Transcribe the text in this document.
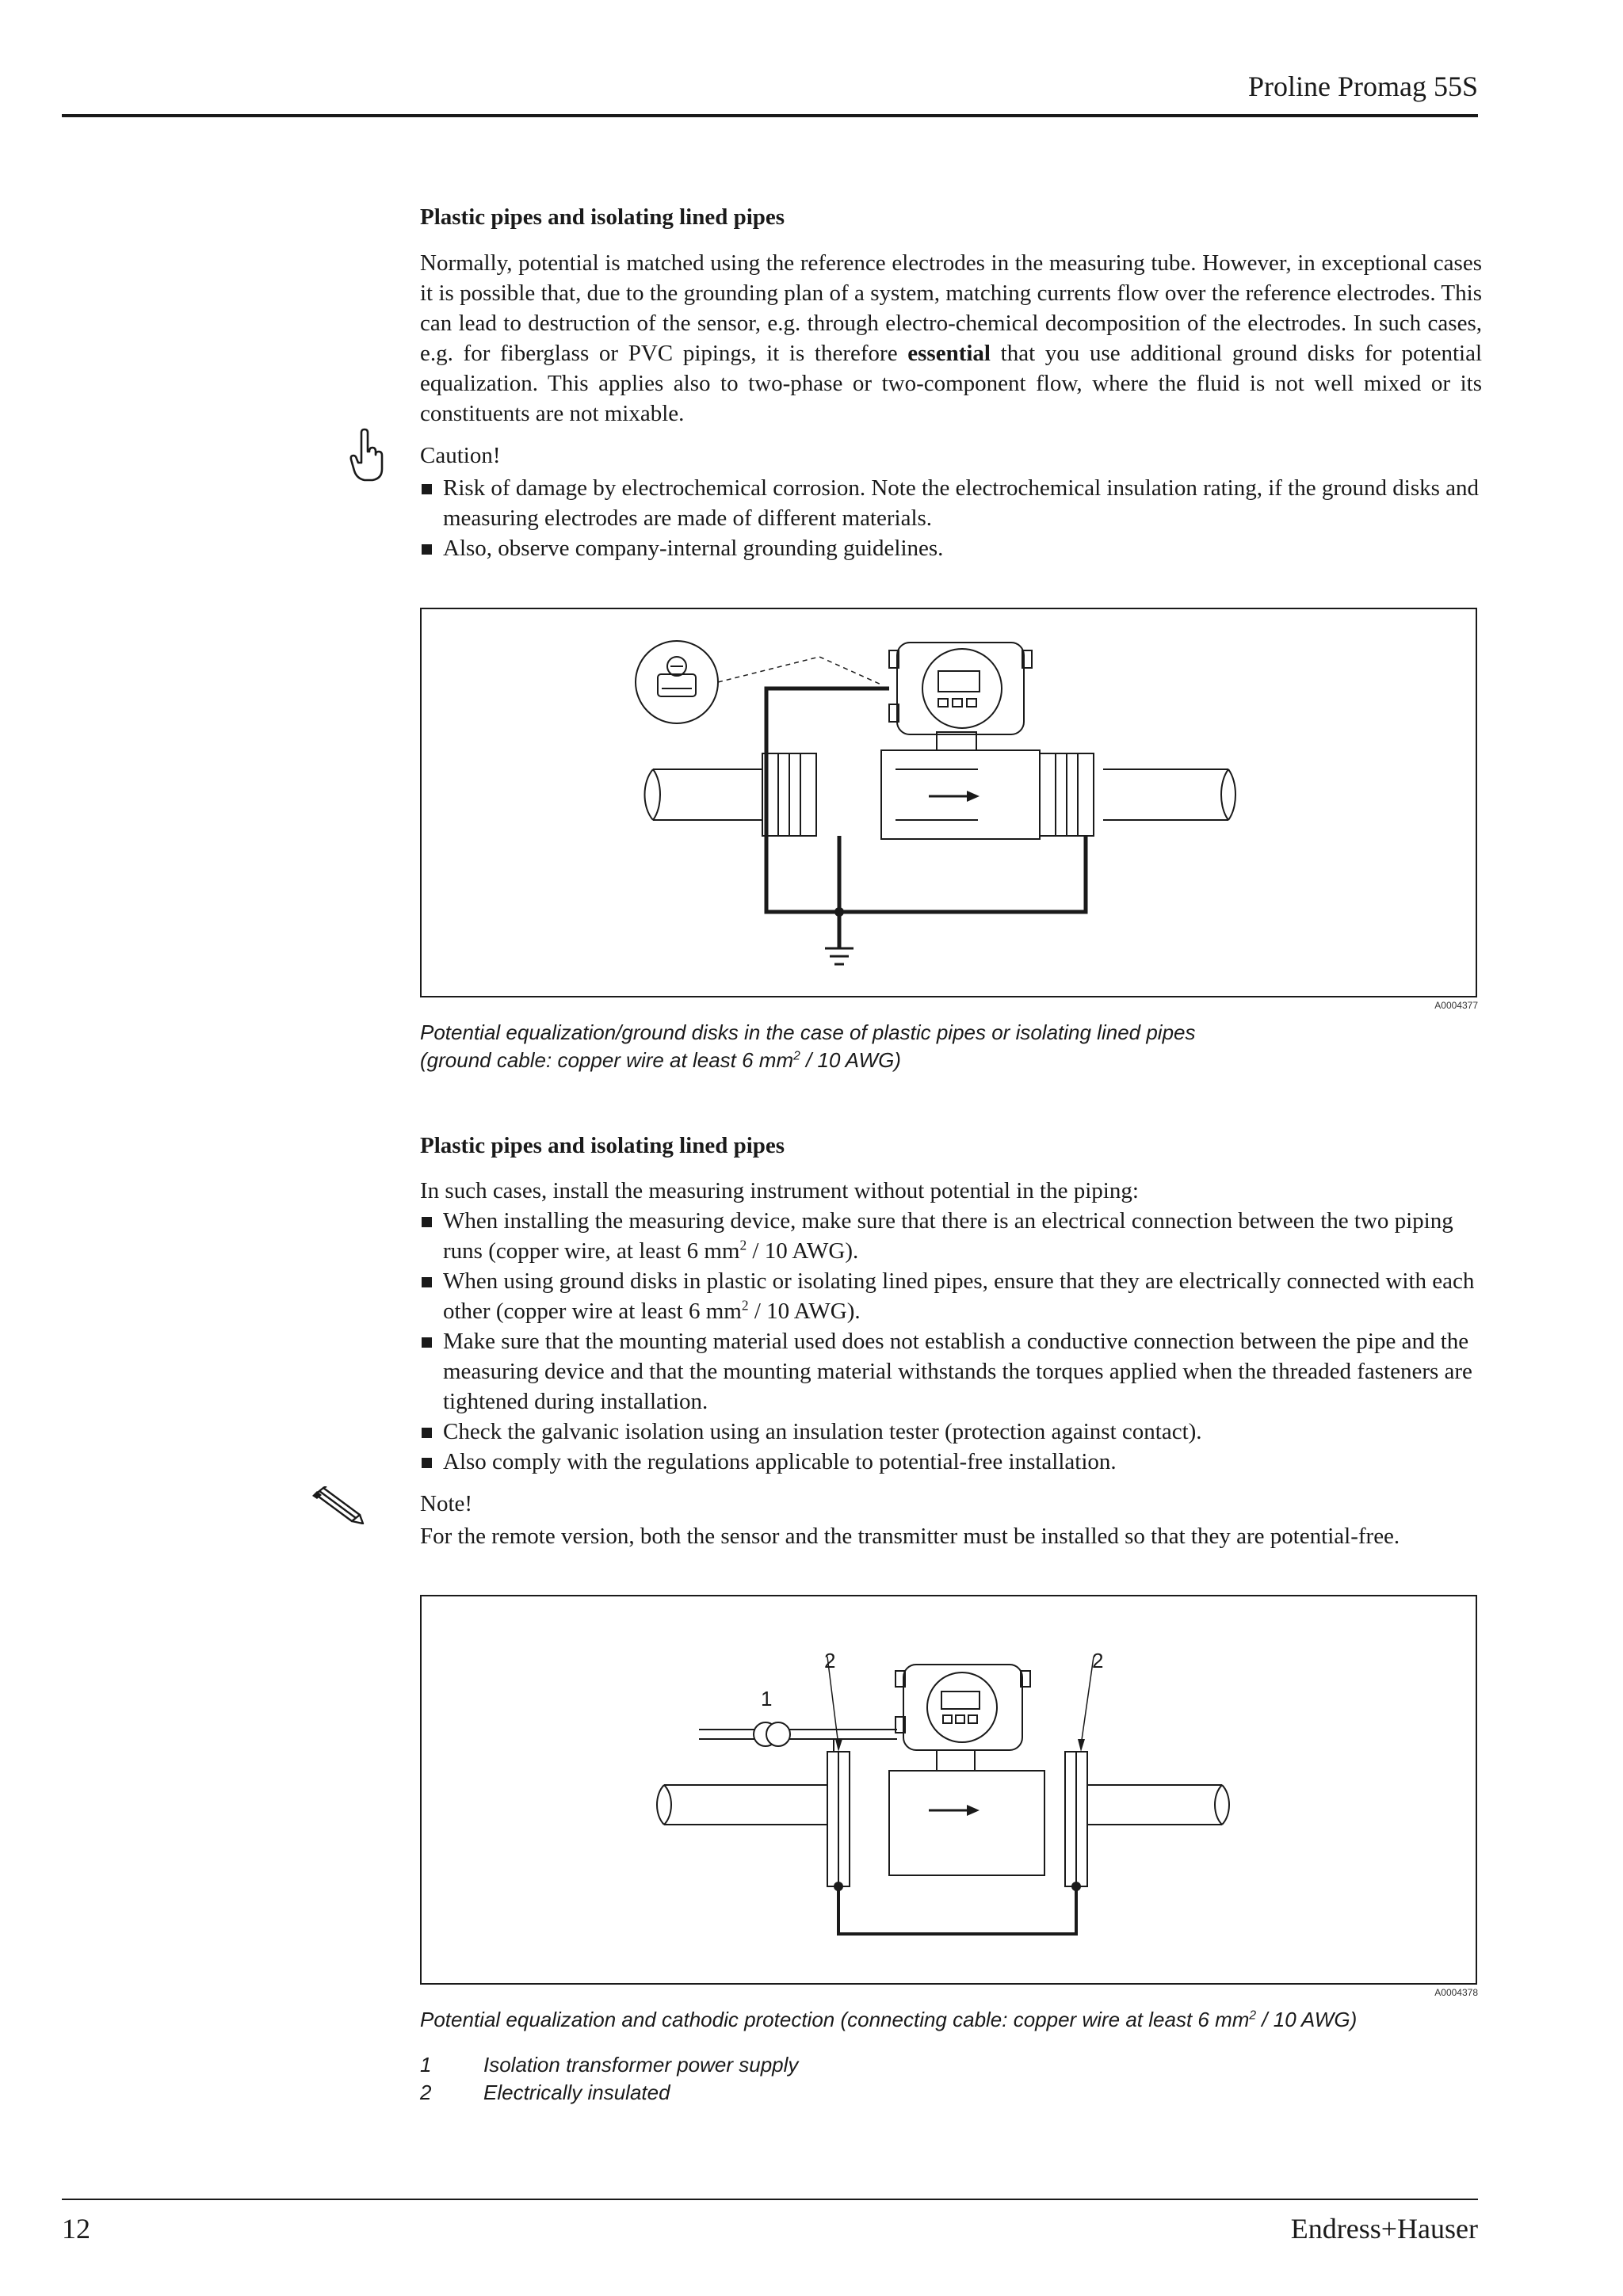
Proline Promag 55S
Plastic pipes and isolating lined pipes
Normally, potential is matched using the reference electrodes in the measuring tube. However, in exceptional cases it is possible that, due to the grounding plan of a system, matching currents flow over the reference electrodes. This can lead to destruction of the sensor, e.g. through electro-chemical decomposition of the electrodes. In such cases, e.g. for fiberglass or PVC pipings, it is therefore essential that you use additional ground disks for potential equalization. This applies also to two-phase or two-component flow, where the fluid is not well mixed or its constituents are not mixable.
Caution!
Risk of damage by electrochemical corrosion. Note the electrochemical insulation rating, if the ground disks and measuring electrodes are made of different materials.
Also, observe company-internal grounding guidelines.
A0004377
Potential equalization/ground disks in the case of plastic pipes or isolating lined pipes
(ground cable: copper wire at least 6 $mm^2 / 10$ AWG)
Plastic pipes and isolating lined pipes
In such cases, install the measuring instrument without potential in the piping:
When installing the measuring device, make sure that there is an electrical connection between the two piping runs (copper wire, at least 6 $mm^2 / 10$ AWG).
When using ground disks in plastic or isolating lined pipes, ensure that they are electrically connected with each other (copper wire at least 6 $mm^2 / 10$ AWG).
Make sure that the mounting material used does not establish a conductive connection between the pipe and the measuring device and that the mounting material withstands the torques applied when the threaded fasteners are tightened during installation.
Check the galvanic isolation using an insulation tester (protection against contact).
Also comply with the regulations applicable to potential-free installation.
Note!
For the remote version, both the sensor and the transmitter must be installed so that they are potential-free.
2	2
1
A0004378
Potential equalization and cathodic protection (connecting cable: copper wire at least 6 $mm^2 / 10$ AWG)
1	Isolation transformer power supply
2	Electrically insulated
12	Endress+Hauser
